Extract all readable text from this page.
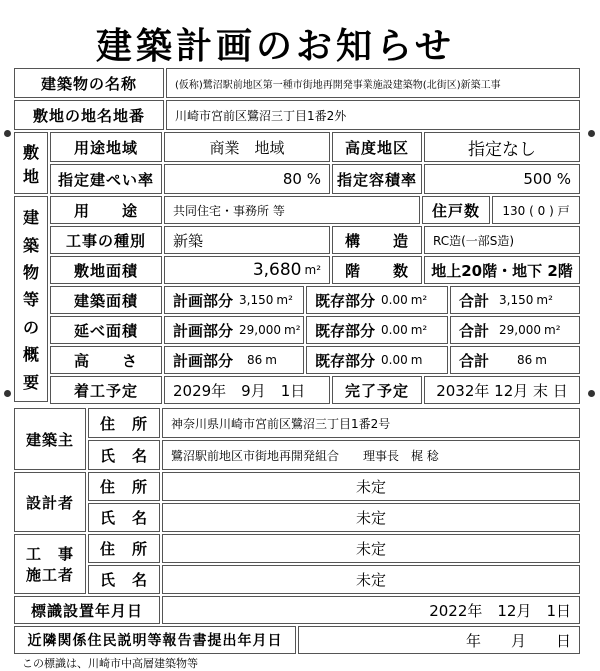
建築計画のお知らせ
建築物の名称	(仮称)鷺沼駅前地区第一種市街地再開発事業施設建築物(北街区)新築工事
敷地の地名地番	川崎市宮前区鷺沼三丁目1番2外
敷
地
用途地域	商業　地域	高度地区	指定なし
指定建ぺい率	80 %	指定容積率	500 %
建
築
物
等
の
概
要
用　　途	共同住宅・事務所 等	住戸数	130 ( 0 ) 戸
工事の種別	新築	構　　造	RC造(一部S造)
敷地面積	3,680 m²	階　　数	地上20階・地下 2階
建築面積	計画部分 3,150 m² 既存部分 0.00 m² 合計 3,150 m²
延べ面積	計画部分 29,000 m² 既存部分 0.00 m² 合計 29,000 m²
高　　さ	計画部分 86 m	既存部分 0.00 m 合計 86 m
着工予定	2029年　9月　1日	完了予定	2032年 12月 末 日
建築主
住　所	神奈川県川崎市宮前区鷺沼三丁目1番2号
氏　名	鷺沼駅前地区市街地再開発組合　　理事長　梶 稔
設計者
住　所	未定
氏　名	未定
工　事
施工者
住　所	未定
氏　名	未定
標識設置年月日	2022年　12月　1日
近隣関係住民説明等報告書提出年月日	年　　月　　日
この標識は、川崎市中高層建築物等
